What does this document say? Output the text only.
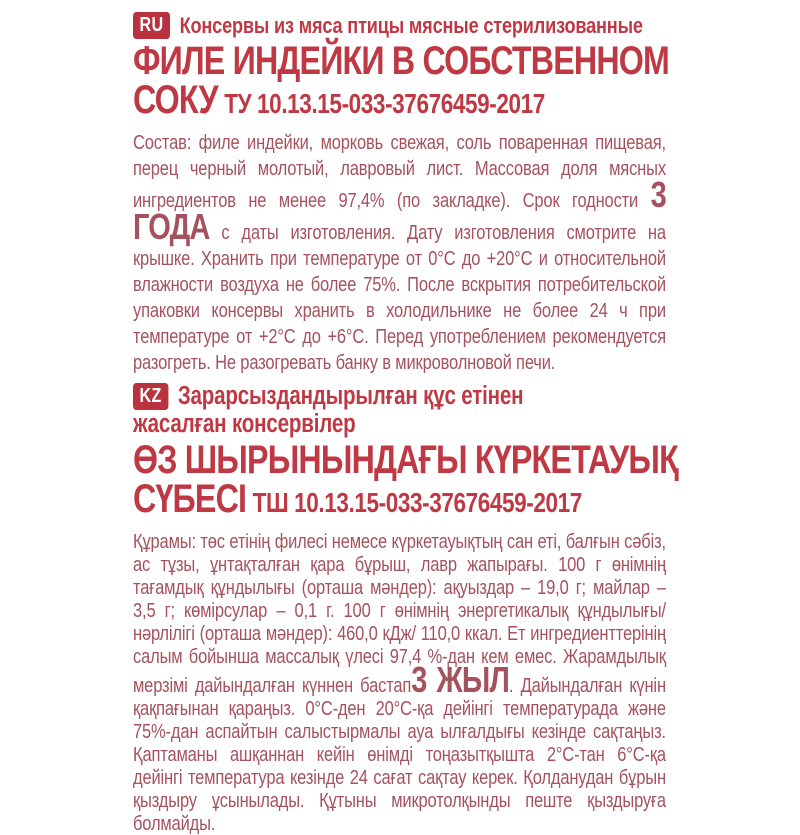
RU Консервы из мяса птицы мясные стерилизованные
ФИЛЕ ИНДЕЙКИ В СОБСТВЕННОМ
СОКУ ТУ 10.13.15-033-37676459-2017

Состав: филе индейки, морковь свежая, соль поваренная пищевая, перец черный молотый, лавровый лист. Массовая доля мясных ингредиентов не менее 97,4% (по закладке). Срок годности 3 ГОДА с даты изготовления. Дату изготовления смотрите на крышке. Хранить при температуре от 0°С до +20°С и относительной влажности воздуха не более 75%. После вскрытия потребительской упаковки консервы хранить в холодильнике не более 24 ч при температуре от +2°С до +6°С. Перед употреблением рекомендуется разогреть. Не разогревать банку в микроволновой печи.

KZ Зарарсыздандырылған құс етінен
жасалған консервілер
ӨЗ ШЫРЫНЫНДАҒЫ КҮРКЕТАУЫҚ
СҮБЕСІ ТШ 10.13.15-033-37676459-2017

Құрамы: төс етінің филесі немесе күркетауықтың сан еті, балғын сәбіз, ас тұзы, ұнтақталған қара бұрыш, лавр жапырағы. 100 г өнімнің тағамдық құндылығы (орташа мәндер): ақуыздар – 19,0 г; майлар – 3,5 г; көмірсулар – 0,1 г. 100 г өнімнің энергетикалық құндылығы/нәрлілігі (орташа мәндер): 460,0 кДж/ 110,0 ккал. Ет ингредиенттерінің салым бойынша массалық үлесі 97,4 %-дан кем емес. Жарамдылық мерзімі дайындалған күннен бастап3 ЖЫЛ. Дайындалған күнін қақпағынан қараңыз. 0°С-ден 20°С-қа дейінгі температурада және 75%-дан аспайтын салыстырмалы ауа ылғалдығы кезінде сақтаңыз. Қаптаманы ашқаннан кейін өнімді тоңазытқышта 2°С-тан 6°С-қа дейінгі температура кезінде 24 сағат сақтау керек. Қолданудан бұрын қыздыру ұсынылады. Құтыны микротолқынды пеште қыздыруға болмайды.
